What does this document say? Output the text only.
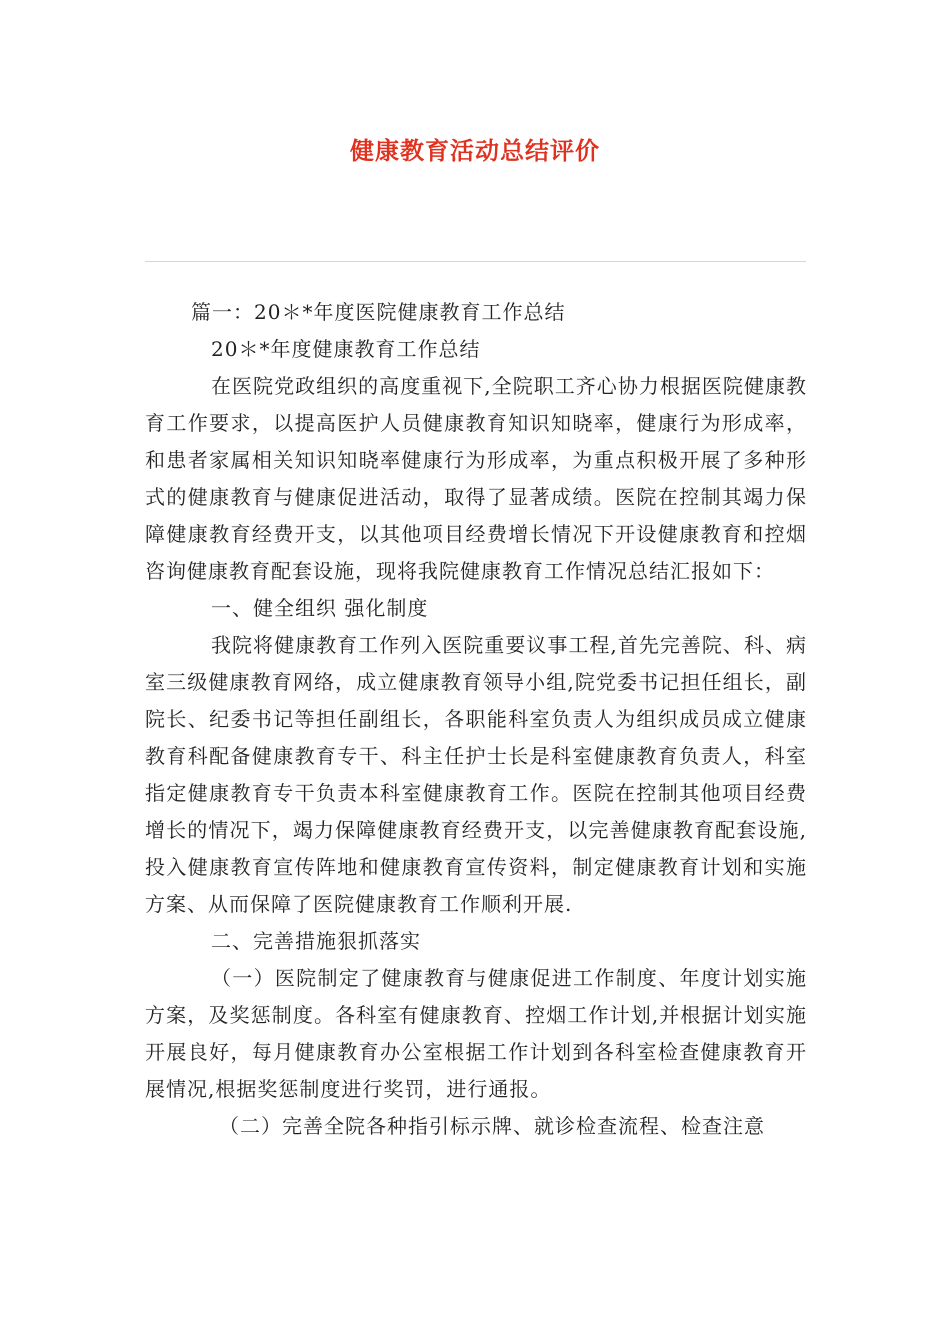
健康教育活动总结评价

篇一：20＊*年度医院健康教育工作总结

20＊*年度健康教育工作总结

在医院党政组织的高度重视下,全院职工齐心协力根据医院健康教育工作要求，以提高医护人员健康教育知识知晓率，健康行为形成率，和患者家属相关知识知晓率健康行为形成率，为重点积极开展了多种形式的健康教育与健康促进活动，取得了显著成绩。医院在控制其竭力保障健康教育经费开支，以其他项目经费增长情况下开设健康教育和控烟咨询健康教育配套设施，现将我院健康教育工作情况总结汇报如下：

一、健全组织 强化制度

我院将健康教育工作列入医院重要议事工程,首先完善院、科、病室三级健康教育网络，成立健康教育领导小组,院党委书记担任组长，副院长、纪委书记等担任副组长，各职能科室负责人为组织成员成立健康教育科配备健康教育专干、科主任护士长是科室健康教育负责人，科室指定健康教育专干负责本科室健康教育工作。医院在控制其他项目经费增长的情况下，竭力保障健康教育经费开支，以完善健康教育配套设施,投入健康教育宣传阵地和健康教育宣传资料，制定健康教育计划和实施方案、从而保障了医院健康教育工作顺利开展.

二、完善措施狠抓落实

（一）医院制定了健康教育与健康促进工作制度、年度计划实施方案，及奖惩制度。各科室有健康教育、控烟工作计划,并根据计划实施开展良好，每月健康教育办公室根据工作计划到各科室检查健康教育开展情况,根据奖惩制度进行奖罚，进行通报。

（二）完善全院各种指引标示牌、就诊检查流程、检查注意
